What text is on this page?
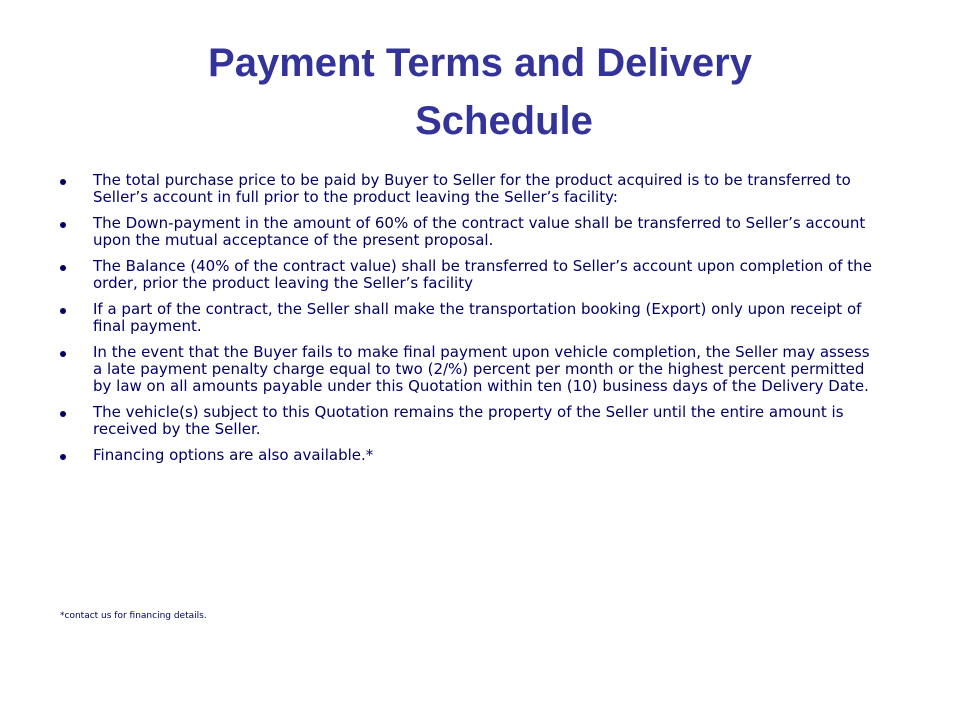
Payment Terms and Delivery
Schedule
The total purchase price to be paid by Buyer to Seller for the product acquired is to be transferred to Seller’s account in full prior to the product leaving the Seller’s facility:
The Down-payment in the amount of 60% of the contract value shall be transferred to Seller’s account upon the mutual acceptance of the present proposal.
The Balance (40% of the contract value) shall be transferred to Seller’s account upon completion of the order, prior the product leaving the Seller’s facility
If a part of the contract, the Seller shall make the transportation booking (Export) only upon receipt of final payment.
In the event that the Buyer fails to make final payment upon vehicle completion, the Seller may assess a late payment penalty charge equal to two (2/%) percent per month or the highest percent permitted by law on all amounts payable under this Quotation within ten (10) business days of the Delivery Date.
The vehicle(s) subject to this Quotation remains the property of the Seller until the entire amount is received by the Seller.
Financing options are also available.*
*contact us for financing details.
